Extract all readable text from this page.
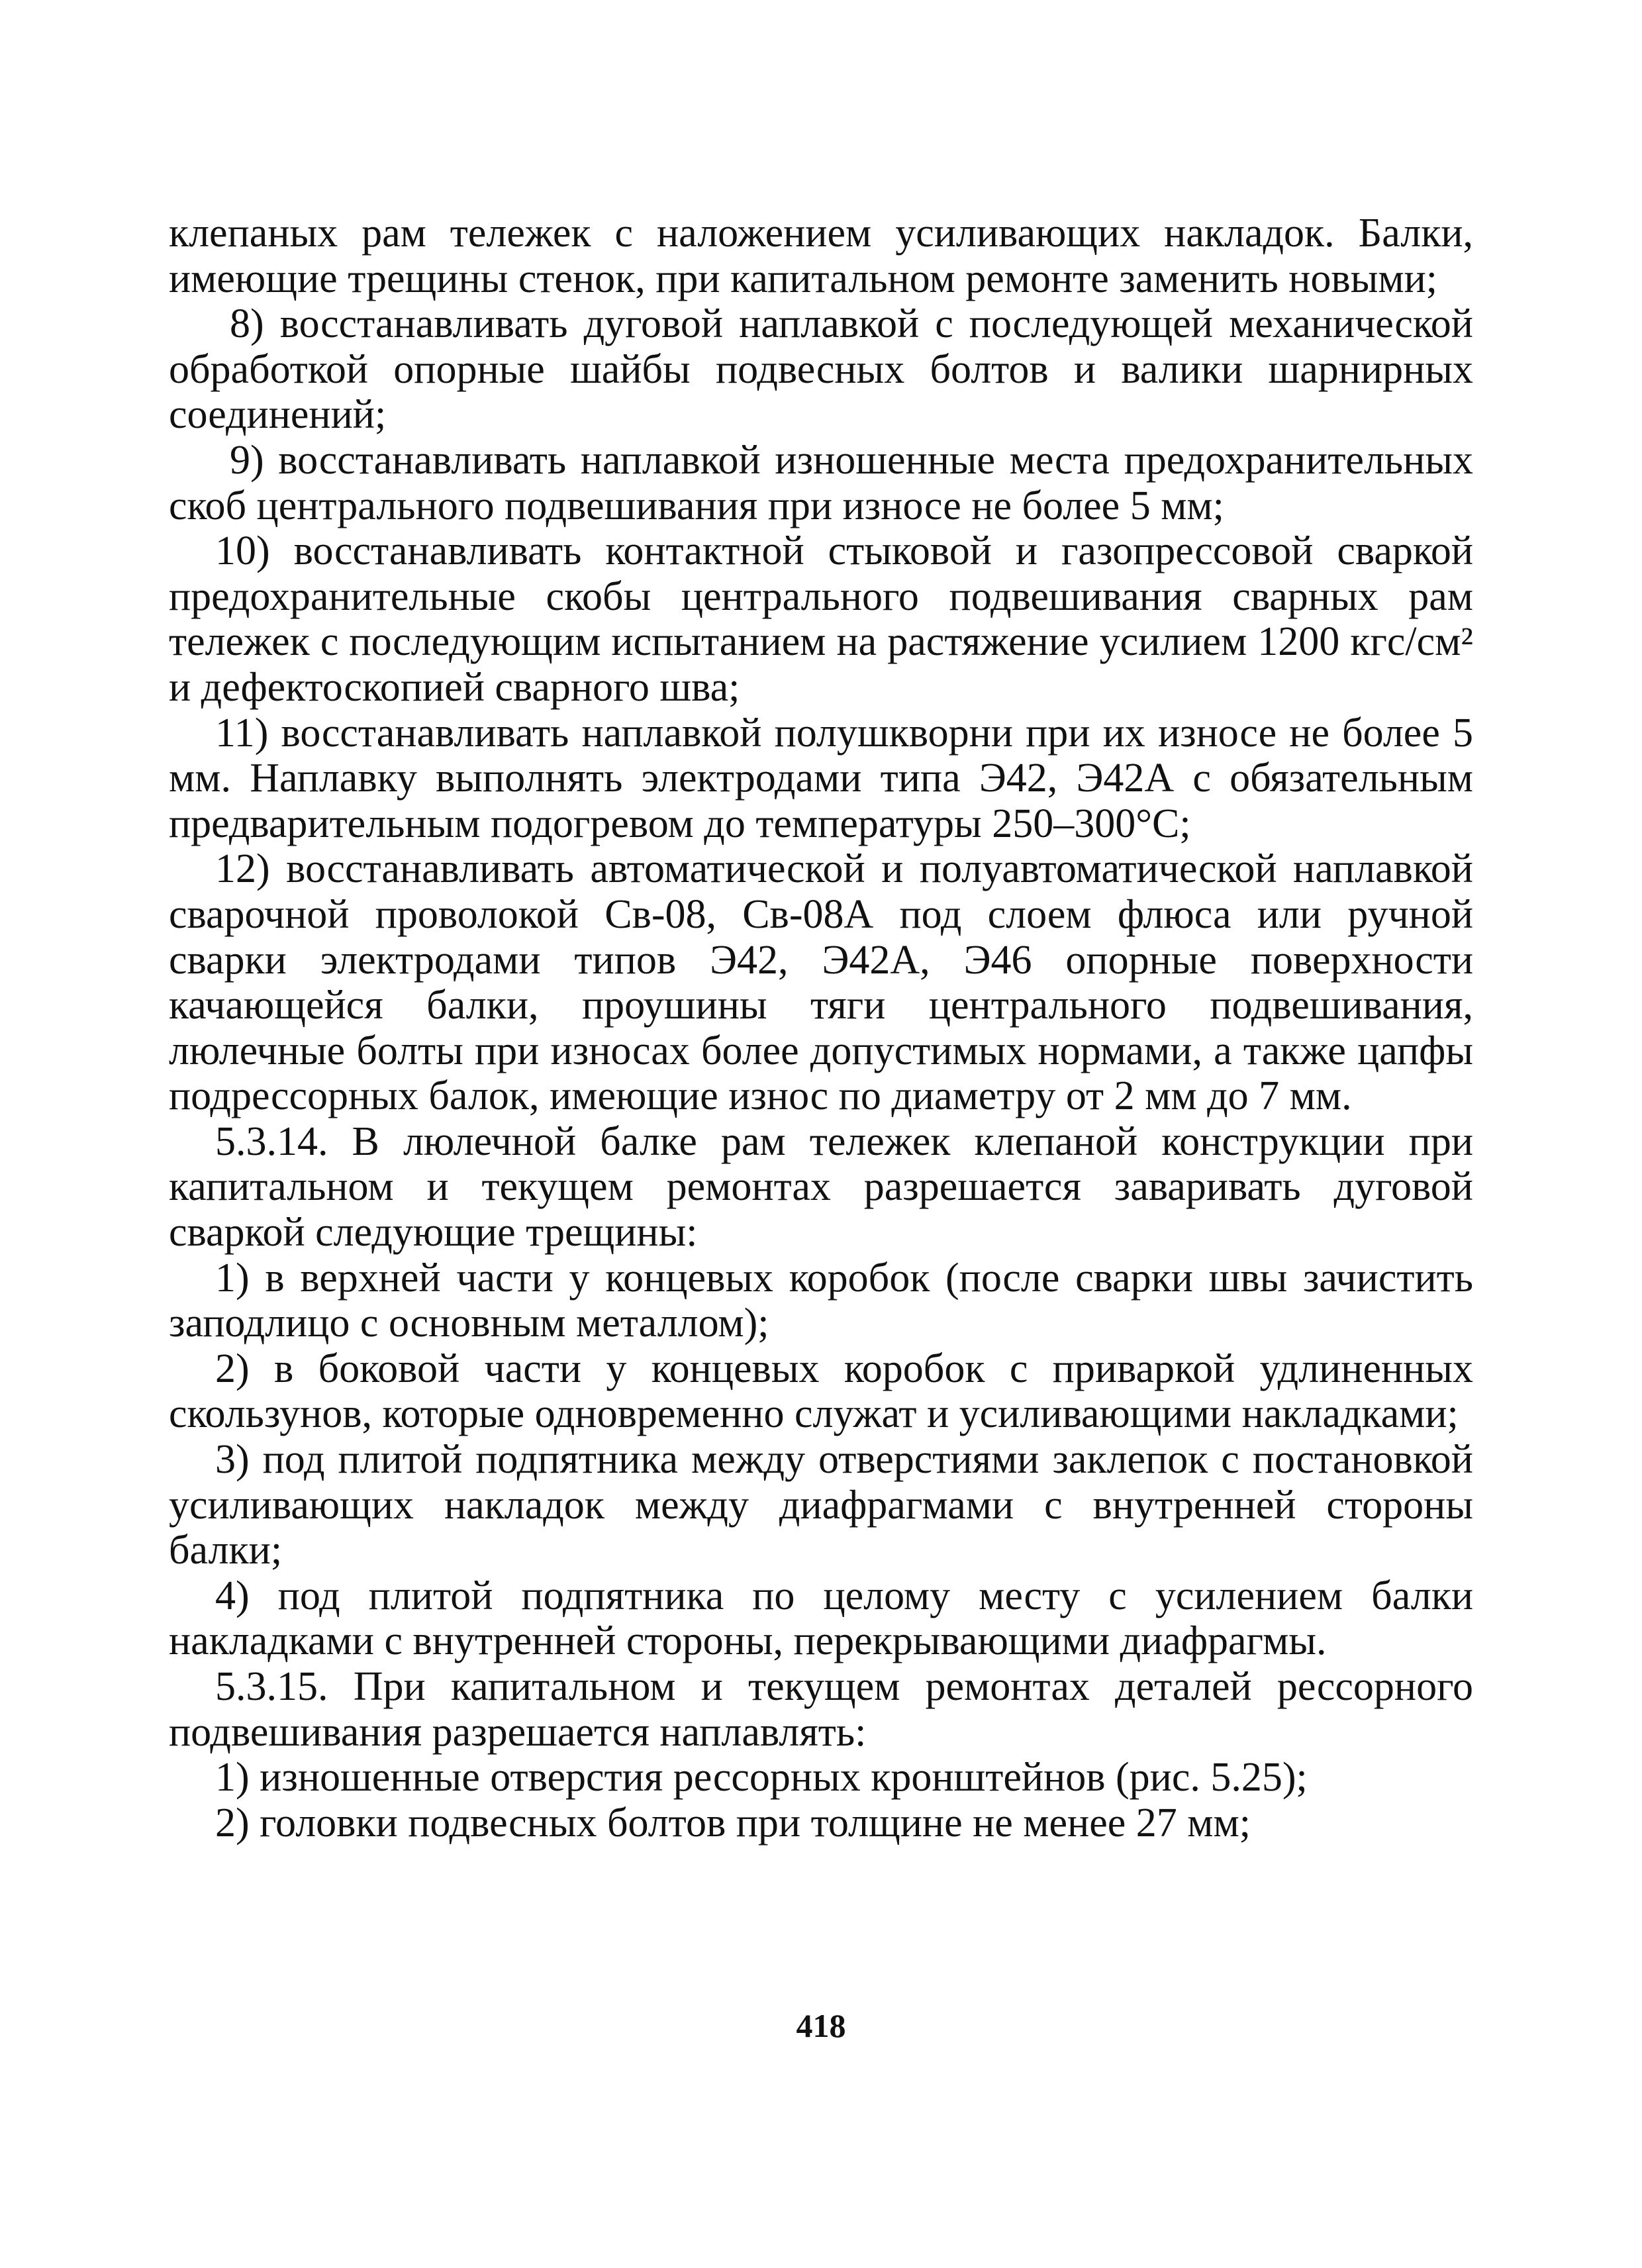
клепаных рам тележек с наложением усиливающих накладок. Балки, имеющие трещины стенок, при капитальном ремонте заменить новыми;

8) восстанавливать дуговой наплавкой с последующей механической обработкой опорные шайбы подвесных болтов и валики шарнирных соединений;

9) восстанавливать наплавкой изношенные места предохранительных скоб центрального подвешивания при износе не более 5 мм;

10) восстанавливать контактной стыковой и газопрессовой сваркой предохранительные скобы центрального подвешивания сварных рам тележек с последующим испытанием на растяжение усилием 1200 кгс/см² и дефектоскопией сварного шва;

11) восстанавливать наплавкой полушкворни при их износе не более 5 мм. Наплавку выполнять электродами типа Э42, Э42А с обязательным предварительным подогревом до температуры 250–300°С;

12) восстанавливать автоматической и полуавтоматической наплавкой сварочной проволокой Св-08, Св-08А под слоем флюса или ручной сварки электродами типов Э42, Э42А, Э46 опорные поверхности качающейся балки, проушины тяги центрального подвешивания, люлечные болты при износах более допустимых нормами, а также цапфы подрессорных балок, имеющие износ по диаметру от 2 мм до 7 мм.

5.3.14. В люлечной балке рам тележек клепаной конструкции при капитальном и текущем ремонтах разрешается заваривать дуговой сваркой следующие трещины:

1) в верхней части у концевых коробок (после сварки швы зачистить заподлицо с основным металлом);

2) в боковой части у концевых коробок с приваркой удлиненных скользунов, которые одновременно служат и усиливающими накладками;

3) под плитой подпятника между отверстиями заклепок с постановкой усиливающих накладок между диафрагмами с внутренней стороны балки;

4) под плитой подпятника по целому месту с усилением балки накладками с внутренней стороны, перекрывающими диафрагмы.

5.3.15. При капитальном и текущем ремонтах деталей рессорного подвешивания разрешается наплавлять:

1) изношенные отверстия рессорных кронштейнов (рис. 5.25);

2) головки подвесных болтов при толщине не менее 27 мм;

418
